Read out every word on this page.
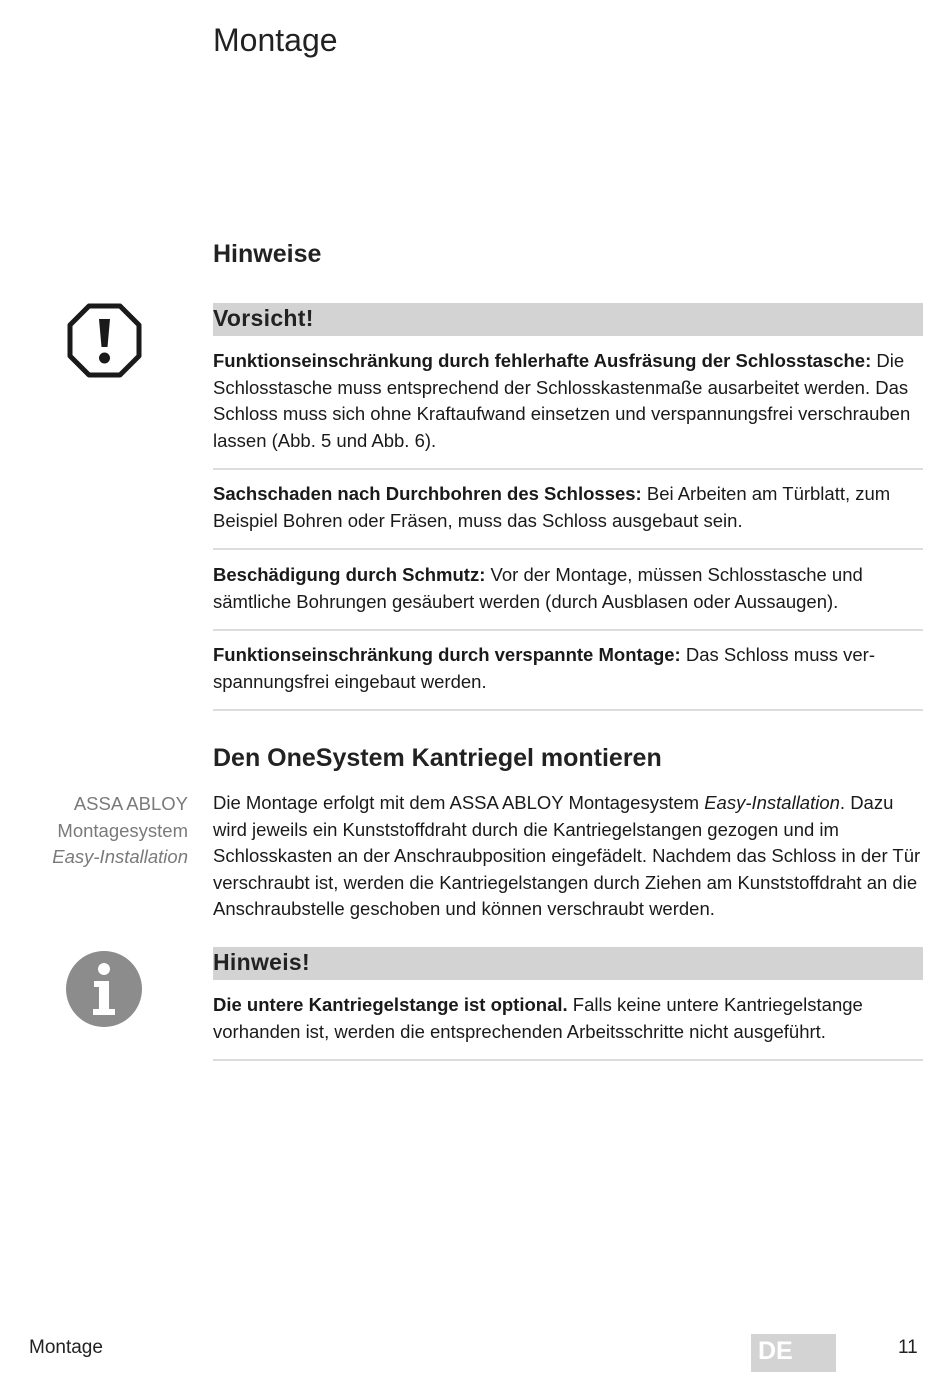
Montage
Hinweise
Vorsicht!
Funktionseinschränkung durch fehlerhafte Ausfräsung der Schlosstasche: Die Schlosstasche muss entsprechend der Schlosskastenmaße ausarbeitet werden. Das Schloss muss sich ohne Kraftaufwand einsetzen und verspannungsfrei verschrauben lassen (Abb. 5 und Abb. 6).
Sachschaden nach Durchbohren des Schlosses: Bei Arbeiten am Türblatt, zum Beispiel Bohren oder Fräsen, muss das Schloss ausgebaut sein.
Beschädigung durch Schmutz: Vor der Montage, müssen Schlosstasche und sämtliche Bohrungen gesäubert werden (durch Ausblasen oder Aussaugen).
Funktionseinschränkung durch verspannte Montage: Das Schloss muss verspannungsfrei eingebaut werden.
Den OneSystem Kantriegel montieren
ASSA ABLOY
Montagesystem
Easy-Installation
Die Montage erfolgt mit dem ASSA ABLOY Montagesystem Easy-Installation. Dazu wird jeweils ein Kunststoffdraht durch die Kantriegelstangen gezogen und im Schlosskasten an der Anschraubposition eingefädelt. Nachdem das Schloss in der Tür verschraubt ist, werden die Kantriegelstangen durch Ziehen am Kunststoffdraht an die Anschraubstelle geschoben und können verschraubt werden.
Hinweis!
Die untere Kantriegelstange ist optional. Falls keine untere Kantriegelstange vorhanden ist, werden die entsprechenden Arbeitsschritte nicht ausgeführt.
Montage	DE	11
